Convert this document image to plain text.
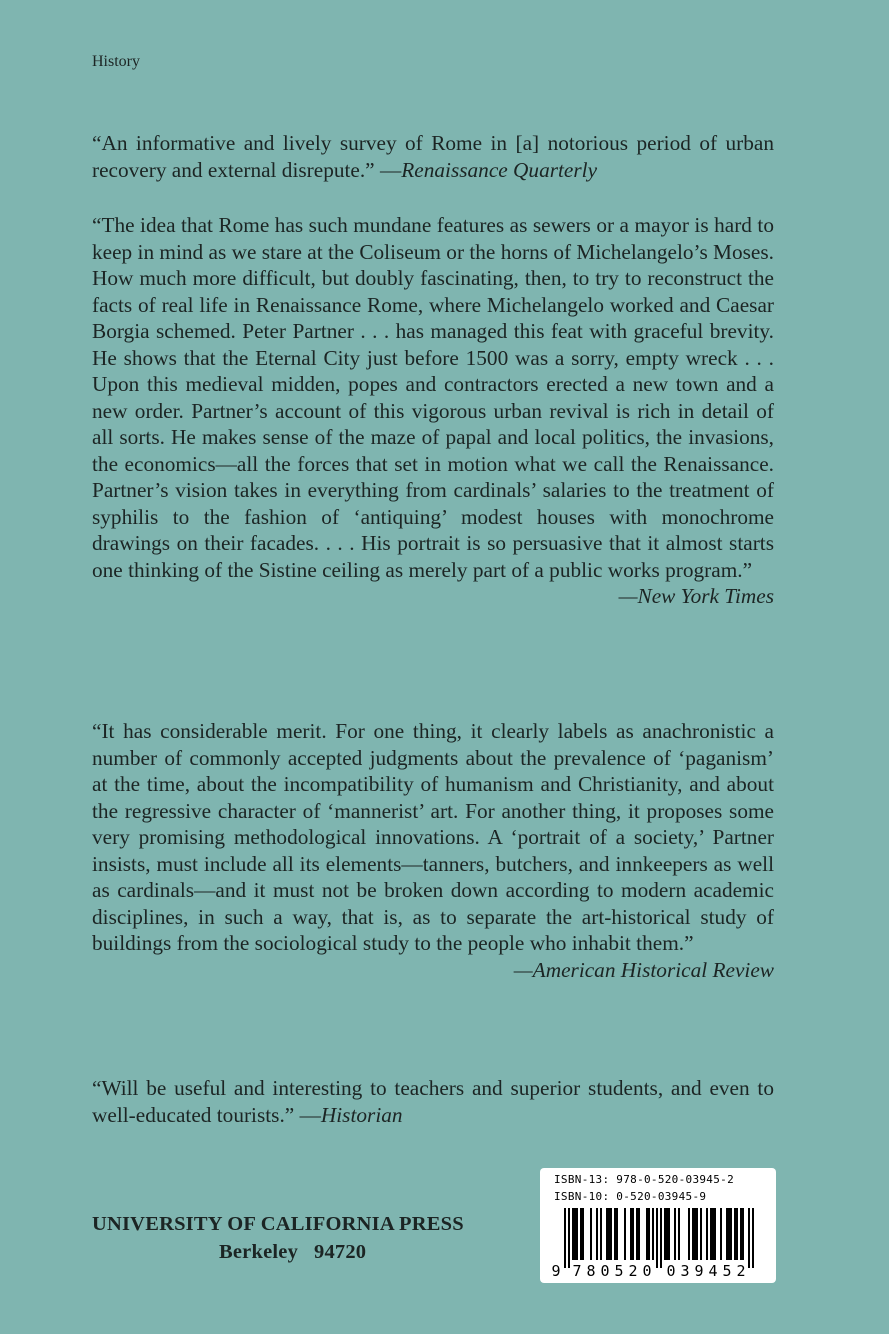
History

“An informative and lively survey of Rome in [a] notorious period of urban recovery and external disrepute.” —Renaissance Quarterly

“The idea that Rome has such mundane features as sewers or a mayor is hard to keep in mind as we stare at the Coliseum or the horns of Michelangelo’s Moses. How much more difficult, but doubly fascinating, then, to try to reconstruct the facts of real life in Renaissance Rome, where Michelangelo worked and Caesar Borgia schemed. Peter Partner . . . has managed this feat with graceful brevity. He shows that the Eternal City just before 1500 was a sorry, empty wreck . . . Upon this medieval midden, popes and contractors erected a new town and a new order. Partner’s account of this vigorous urban revival is rich in detail of all sorts. He makes sense of the maze of papal and local politics, the invasions, the economics—all the forces that set in motion what we call the Renaissance. Partner’s vision takes in everything from cardinals’ salaries to the treatment of syphilis to the fashion of ‘antiquing’ modest houses with monochrome drawings on their facades. . . . His portrait is so persuasive that it almost starts one thinking of the Sistine ceiling as merely part of a public works program.”
—New York Times

“It has considerable merit. For one thing, it clearly labels as anachronistic a number of commonly accepted judgments about the prevalence of ‘paganism’ at the time, about the incompatibility of humanism and Christianity, and about the regressive character of ‘mannerist’ art. For another thing, it proposes some very promising methodological innovations. A ‘portrait of a society,’ Partner insists, must include all its elements—tanners, butchers, and innkeepers as well as cardinals—and it must not be broken down according to modern academic disciplines, in such a way, that is, as to separate the art-historical study of buildings from the sociological study to the people who inhabit them.”
—American Historical Review

“Will be useful and interesting to teachers and superior students, and even to well-educated tourists.” —Historian

UNIVERSITY OF CALIFORNIA PRESS
Berkeley   94720
ISBN-13: 978-0-520-03945-2
ISBN-10: 0-520-03945-9
9 7 8 0 5 2 0 0 3 9 4 5 2
